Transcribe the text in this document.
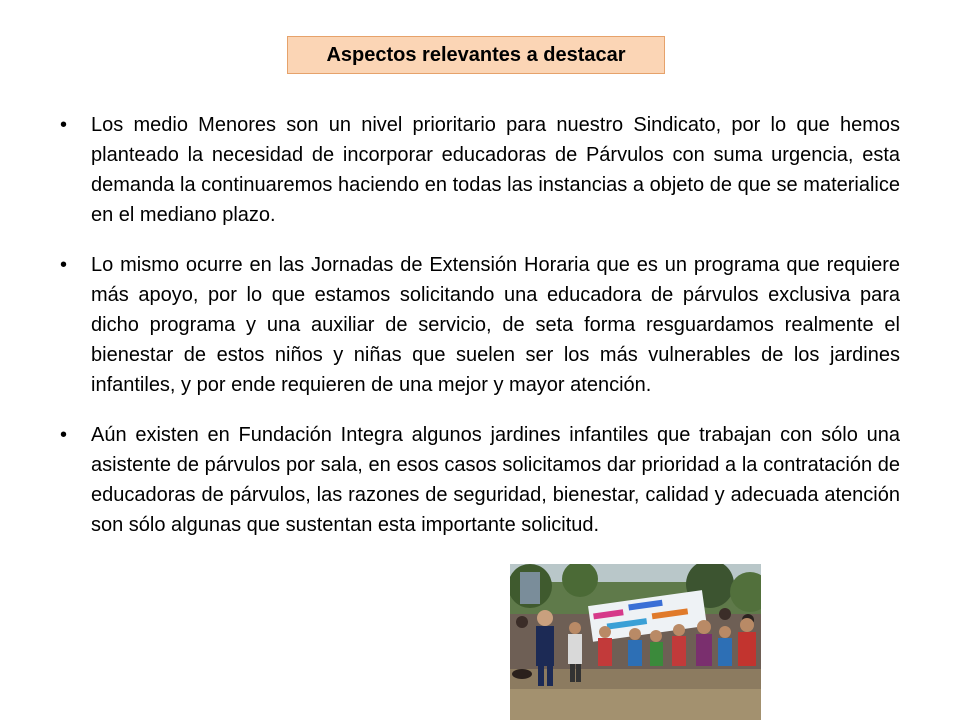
Aspectos relevantes a destacar
•	Los medio Menores son un nivel prioritario para nuestro Sindicato, por lo que hemos planteado la necesidad de incorporar educadoras de Párvulos con suma urgencia, esta demanda la continuaremos haciendo en todas las instancias a objeto de que se materialice en el mediano plazo.
•	Lo mismo ocurre en las Jornadas de Extensión Horaria que es un programa que requiere más apoyo, por lo que estamos solicitando una educadora de párvulos exclusiva para dicho programa y una auxiliar de servicio, de seta forma resguardamos realmente el bienestar de estos niños y niñas que suelen ser los más vulnerables de los jardines infantiles, y por ende requieren de una mejor y mayor atención.
•	Aún existen en Fundación Integra algunos jardines infantiles que trabajan con sólo una asistente de párvulos por sala, en esos casos solicitamos dar prioridad a la contratación de educadoras de párvulos, las razones de seguridad, bienestar, calidad y adecuada atención son sólo algunas que sustentan esta importante solicitud.
